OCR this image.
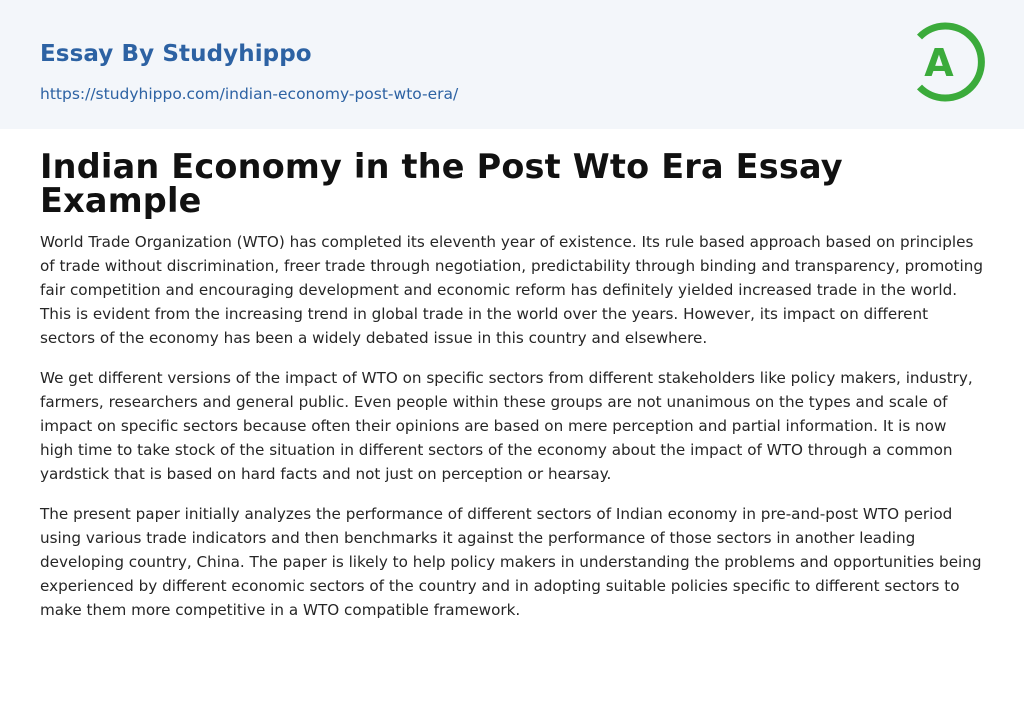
Essay By Studyhippo
https://studyhippo.com/indian-economy-post-wto-era/
A
Indian Economy in the Post Wto Era Essay Example

World Trade Organization (WTO) has completed its eleventh year of existence. Its rule based approach based on principles of trade without discrimination, freer trade through negotiation, predictability through binding and transparency, promoting fair competition and encouraging development and economic reform has definitely yielded increased trade in the world. This is evident from the increasing trend in global trade in the world over the years. However, its impact on different sectors of the economy has been a widely debated issue in this country and elsewhere.

We get different versions of the impact of WTO on specific sectors from different stakeholders like policy makers, industry, farmers, researchers and general public. Even people within these groups are not unanimous on the types and scale of impact on specific sectors because often their opinions are based on mere perception and partial information. It is now high time to take stock of the situation in different sectors of the economy about the impact of WTO through a common yardstick that is based on hard facts and not just on perception or hearsay.

The present paper initially analyzes the performance of different sectors of Indian economy in pre-and-post WTO period using various trade indicators and then benchmarks it against the performance of those sectors in another leading developing country, China. The paper is likely to help policy makers in understanding the problems and opportunities being experienced by different economic sectors of the country and in adopting suitable policies specific to different sectors to make them more competitive in a WTO compatible framework.
